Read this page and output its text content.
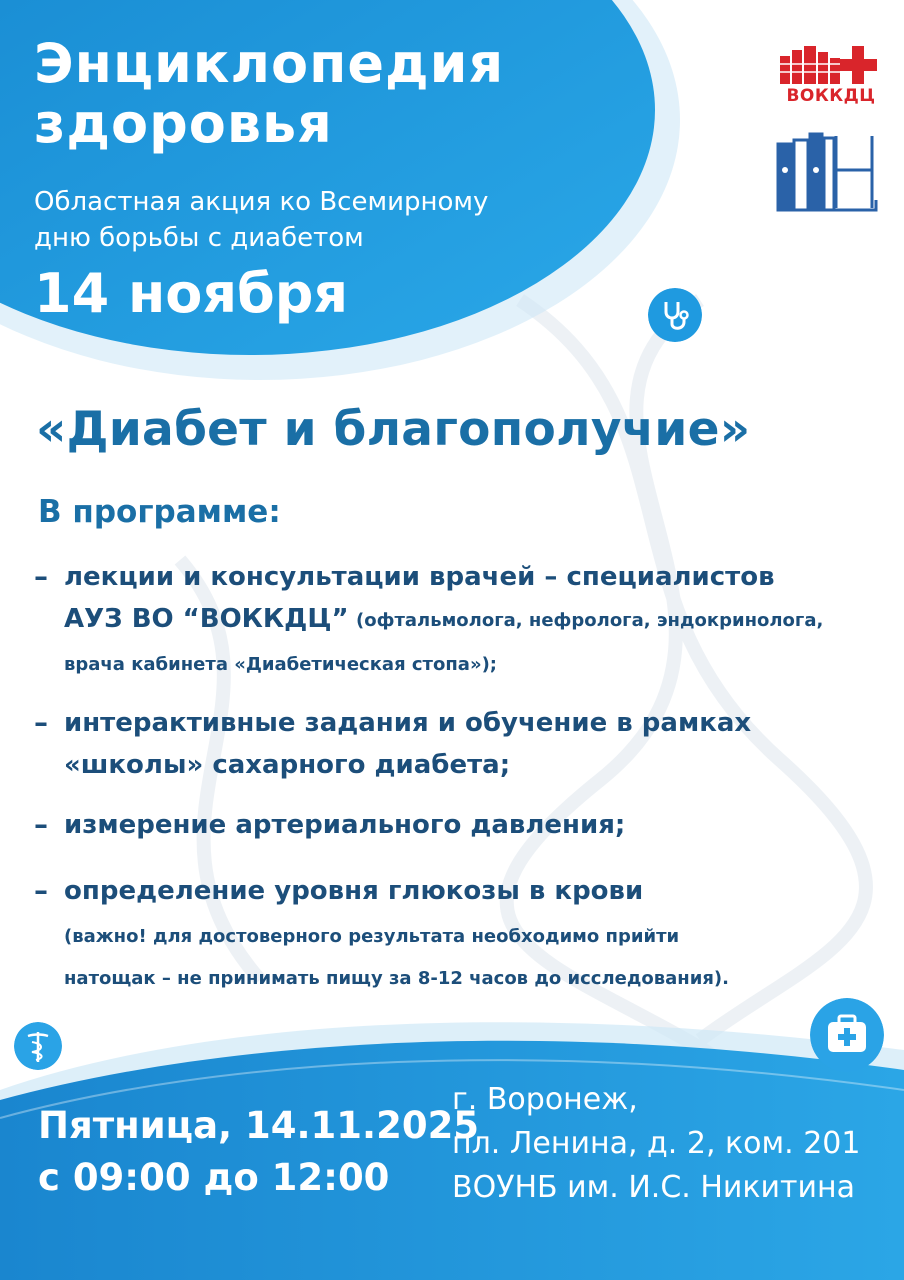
Энциклопедия
здоровья
Областная акция ко Всемирному
дню борьбы с диабетом
14 ноября
ВОККДЦ
«Диабет и благополучие»
В программе:
– лекции и консультации врачей – специалистов
АУЗ ВО “ВОККДЦ” (офтальмолога, нефролога, эндокринолога,
врача кабинета «Диабетическая стопа»);
– интерактивные задания и обучение в рамках
«школы» сахарного диабета;
– измерение артериального давления;
– определение уровня глюкозы в крови
(важно! для достоверного результата необходимо прийти
натощак – не принимать пищу за 8-12 часов до исследования).
Пятница, 14.11.2025
с 09:00 до 12:00
г. Воронеж,
пл. Ленина, д. 2, ком. 201
ВОУНБ им. И.С. Никитина
